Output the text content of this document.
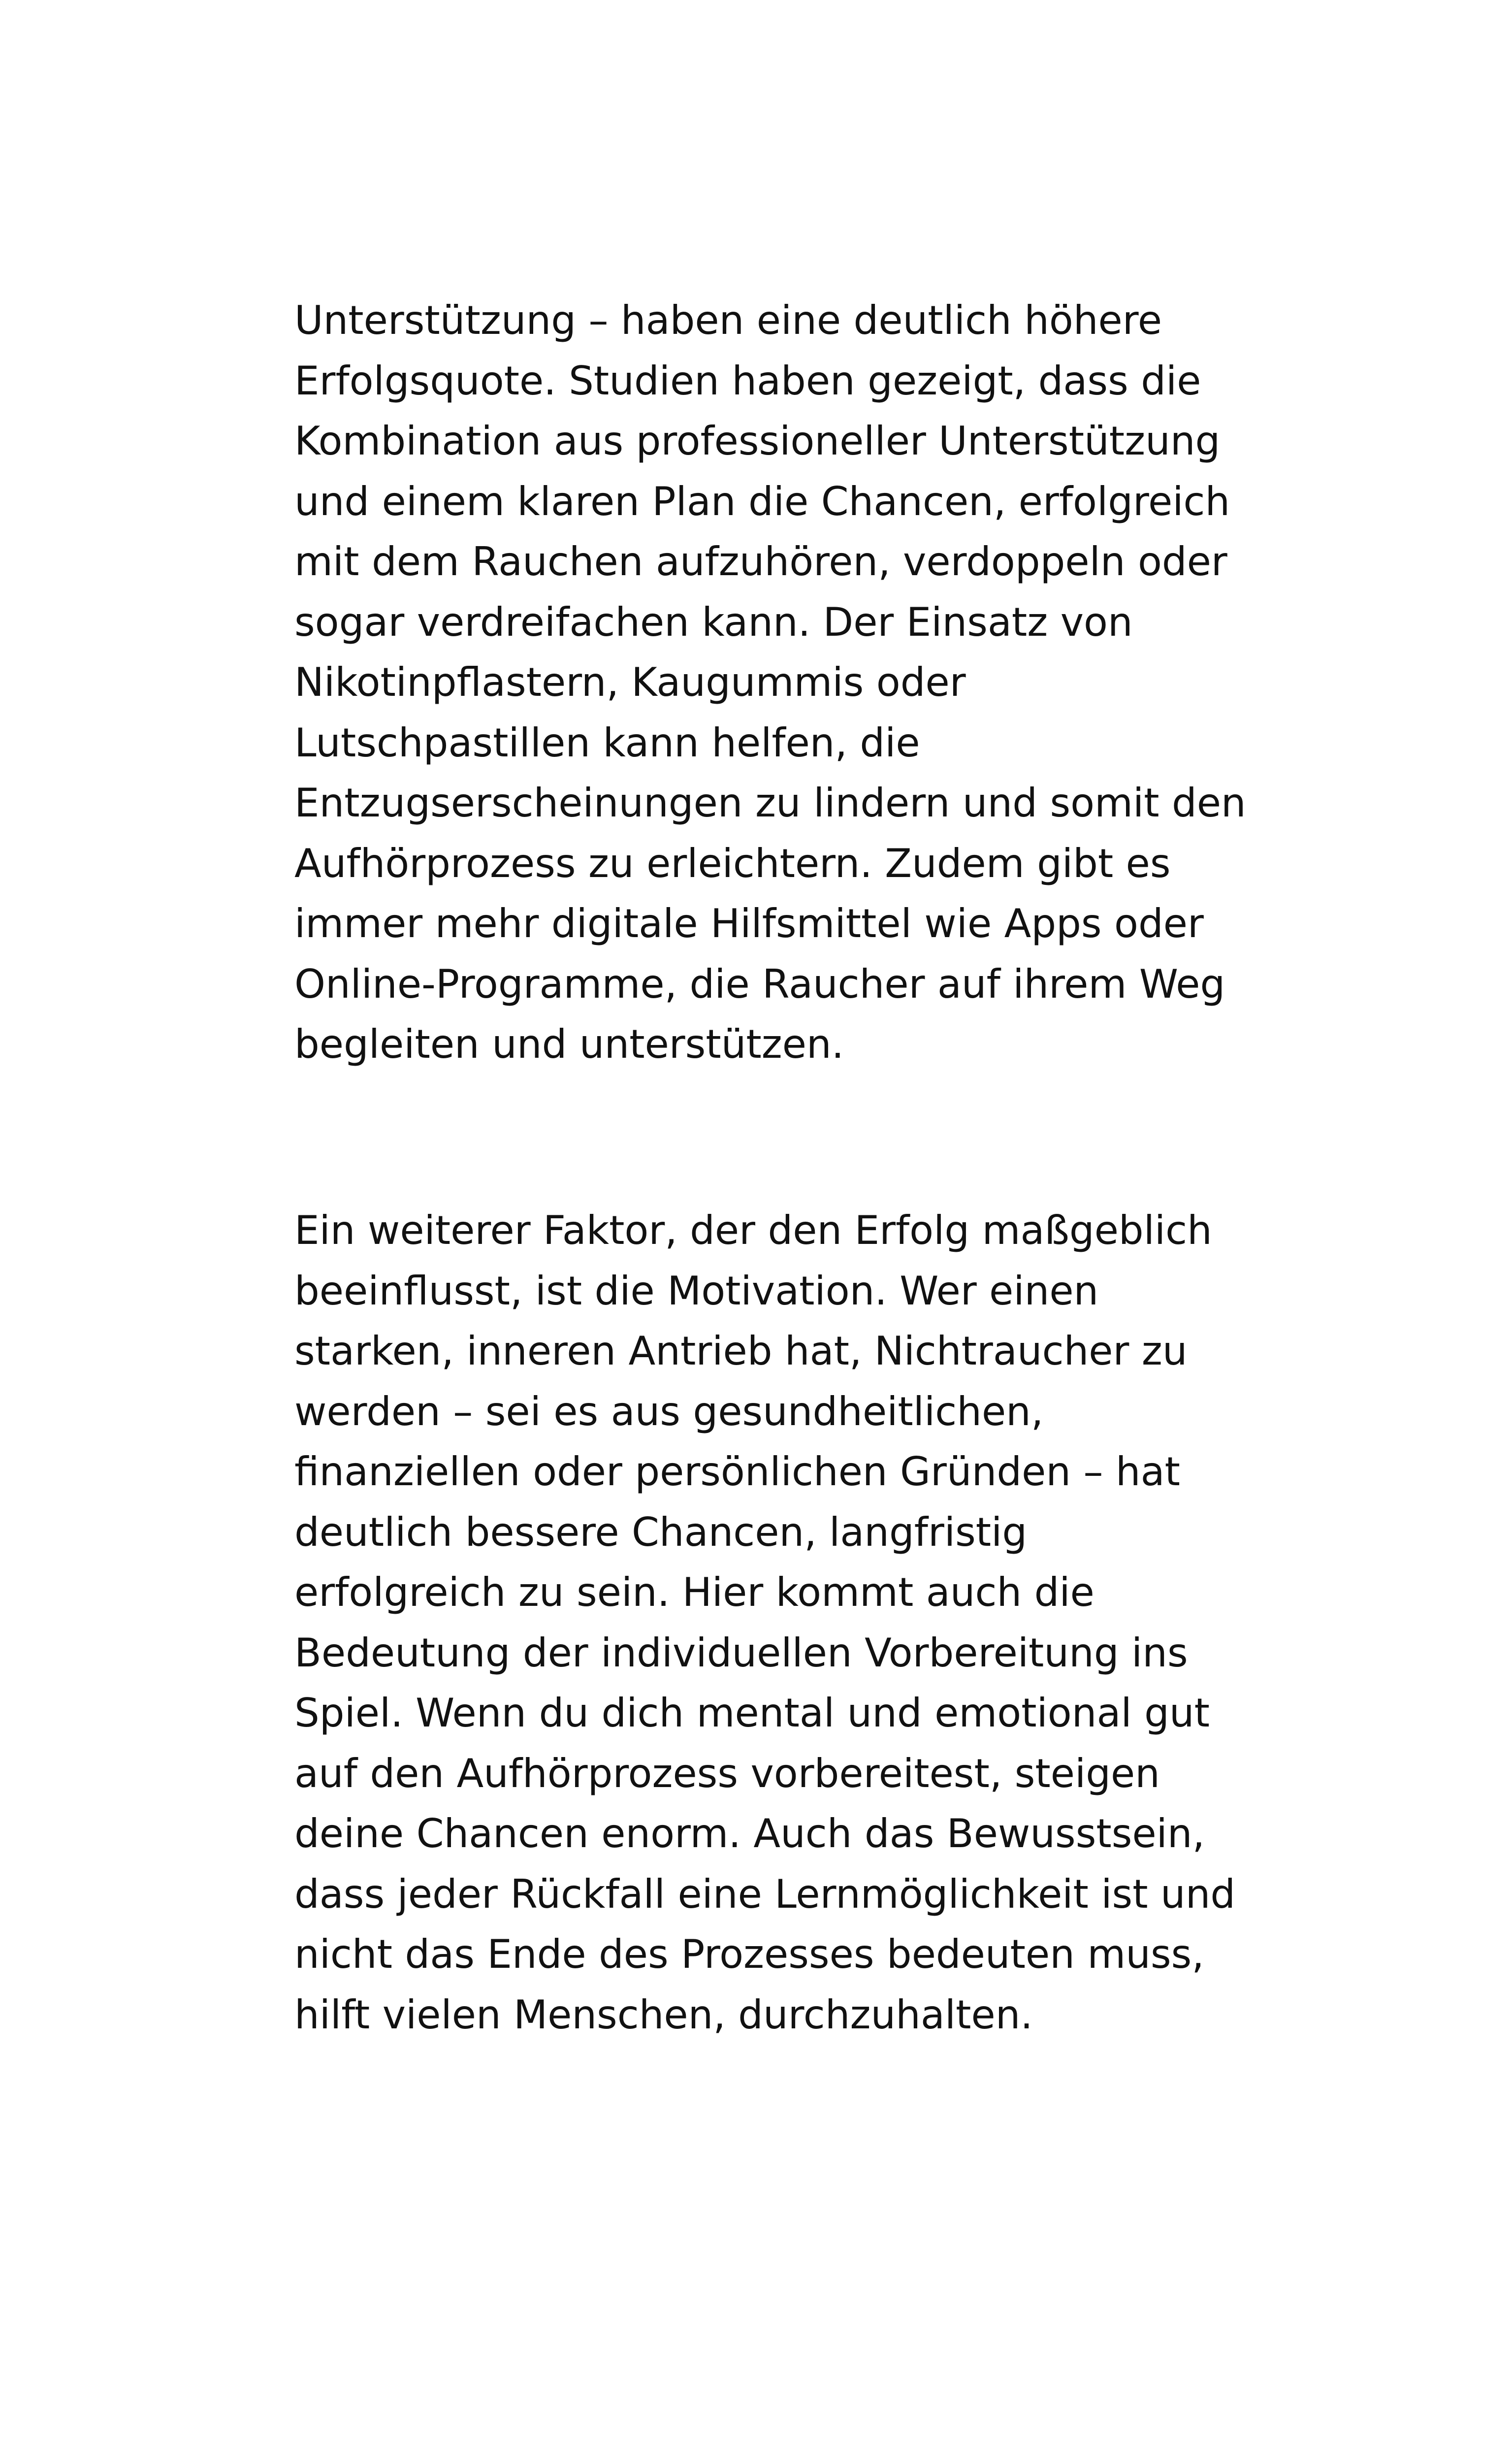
Unterstützung – haben eine deutlich höhere
Erfolgsquote. Studien haben gezeigt, dass die
Kombination aus professioneller Unterstützung
und einem klaren Plan die Chancen, erfolgreich
mit dem Rauchen aufzuhören, verdoppeln oder
sogar verdreifachen kann. Der Einsatz von
Nikotinpflastern, Kaugummis oder
Lutschpastillen kann helfen, die
Entzugserscheinungen zu lindern und somit den
Aufhörprozess zu erleichtern. Zudem gibt es
immer mehr digitale Hilfsmittel wie Apps oder
Online-Programme, die Raucher auf ihrem Weg
begleiten und unterstützen.
Ein weiterer Faktor, der den Erfolg maßgeblich
beeinflusst, ist die Motivation. Wer einen
starken, inneren Antrieb hat, Nichtraucher zu
werden – sei es aus gesundheitlichen,
finanziellen oder persönlichen Gründen – hat
deutlich bessere Chancen, langfristig
erfolgreich zu sein. Hier kommt auch die
Bedeutung der individuellen Vorbereitung ins
Spiel. Wenn du dich mental und emotional gut
auf den Aufhörprozess vorbereitest, steigen
deine Chancen enorm. Auch das Bewusstsein,
dass jeder Rückfall eine Lernmöglichkeit ist und
nicht das Ende des Prozesses bedeuten muss,
hilft vielen Menschen, durchzuhalten.
